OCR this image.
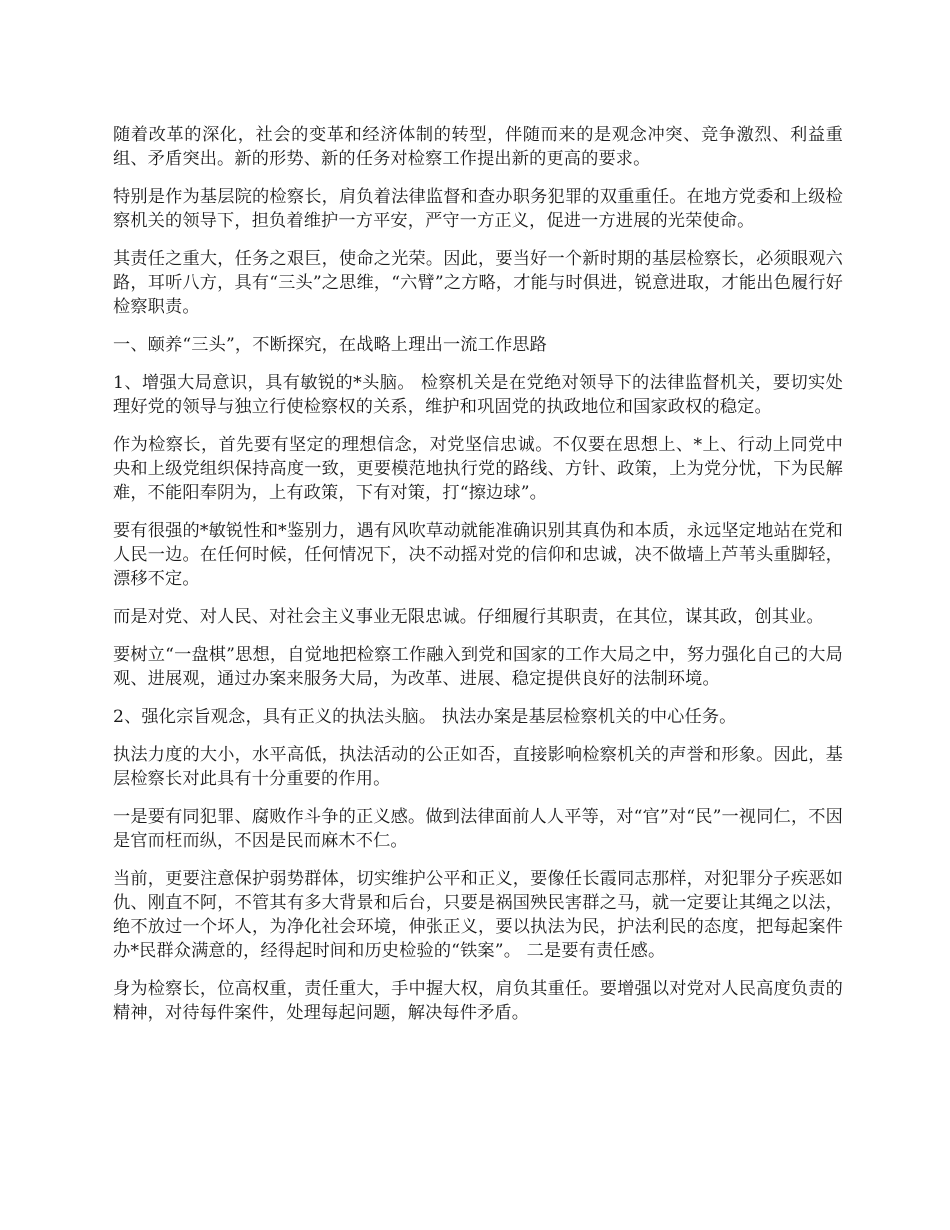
随着改革的深化，社会的变革和经济体制的转型，伴随而来的是观念冲突、竞争激烈、利益重组、矛盾突出。新的形势、新的任务对检察工作提出新的更高的要求。

特别是作为基层院的检察长，肩负着法律监督和查办职务犯罪的双重重任。在地方党委和上级检察机关的领导下，担负着维护一方平安，严守一方正义，促进一方进展的光荣使命。

其责任之重大，任务之艰巨，使命之光荣。因此，要当好一个新时期的基层检察长，必须眼观六路，耳听八方，具有“三头”之思维，“六臂”之方略，才能与时俱进，锐意进取，才能出色履行好检察职责。

一、颐养“三头”，不断探究，在战略上理出一流工作思路

1、增强大局意识，具有敏锐的*头脑。 检察机关是在党绝对领导下的法律监督机关，要切实处理好党的领导与独立行使检察权的关系，维护和巩固党的执政地位和国家政权的稳定。

作为检察长，首先要有坚定的理想信念，对党坚信忠诚。不仅要在思想上、*上、行动上同党中央和上级党组织保持高度一致，更要模范地执行党的路线、方针、政策，上为党分忧，下为民解难，不能阳奉阴为，上有政策，下有对策，打“擦边球”。

要有很强的*敏锐性和*鉴别力，遇有风吹草动就能准确识别其真伪和本质，永远坚定地站在党和人民一边。在任何时候，任何情况下，决不动摇对党的信仰和忠诚，决不做墙上芦苇头重脚轻，漂移不定。

而是对党、对人民、对社会主义事业无限忠诚。仔细履行其职责，在其位，谋其政，创其业。

要树立“一盘棋”思想，自觉地把检察工作融入到党和国家的工作大局之中，努力强化自己的大局观、进展观，通过办案来服务大局，为改革、进展、稳定提供良好的法制环境。

2、强化宗旨观念，具有正义的执法头脑。 执法办案是基层检察机关的中心任务。

执法力度的大小，水平高低，执法活动的公正如否，直接影响检察机关的声誉和形象。因此，基层检察长对此具有十分重要的作用。

一是要有同犯罪、腐败作斗争的正义感。做到法律面前人人平等，对“官”对“民”一视同仁，不因是官而枉而纵，不因是民而麻木不仁。

当前，更要注意保护弱势群体，切实维护公平和正义，要像任长霞同志那样，对犯罪分子疾恶如仇、刚直不阿，不管其有多大背景和后台，只要是祸国殃民害群之马，就一定要让其绳之以法，绝不放过一个坏人，为净化社会环境，伸张正义，要以执法为民，护法利民的态度，把每起案件办*民群众满意的，经得起时间和历史检验的“铁案”。 二是要有责任感。

身为检察长，位高权重，责任重大，手中握大权，肩负其重任。要增强以对党对人民高度负责的精神，对待每件案件，处理每起问题，解决每件矛盾。
